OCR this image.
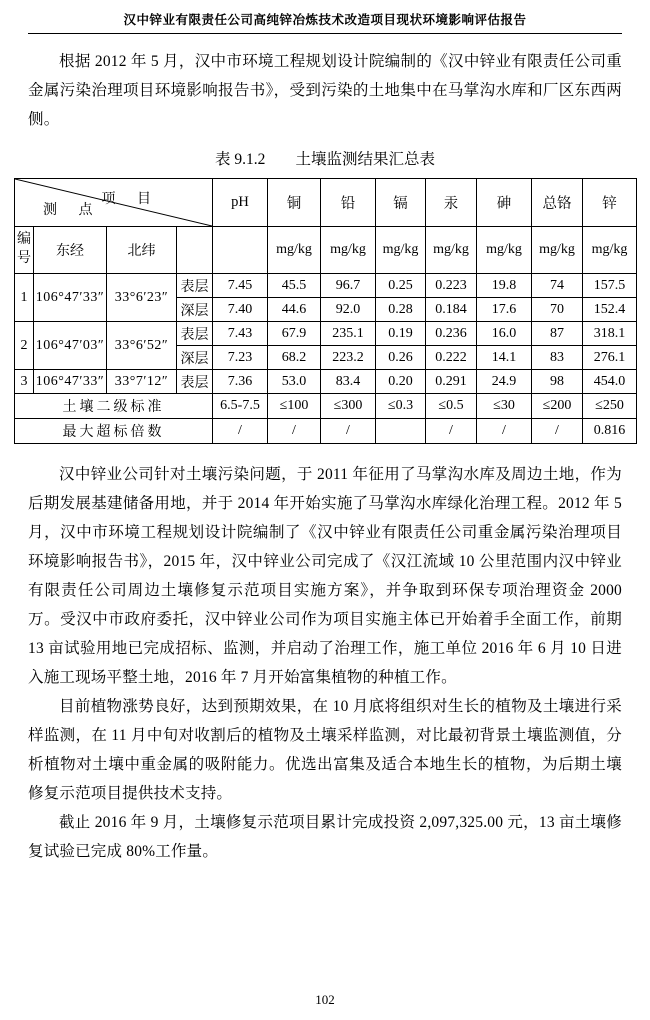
汉中锌业有限责任公司高纯锌冶炼技术改造项目现状环境影响评估报告

根据 2012 年 5 月，汉中市环境工程规划设计院编制的《汉中锌业有限责任公司重金属污染治理项目环境影响报告书》，受到污染的土地集中在马掌沟水库和厂区东西两侧。

表 9.1.2 土壤监测结果汇总表
项 目
测 点				pH	铜	铅	镉	汞	砷	总铬	锌
编号	东经	北纬			mg/kg	mg/kg	mg/kg	mg/kg	mg/kg	mg/kg	mg/kg
1	106°47′33″	33°6′23″	表层	7.45	45.5	96.7	0.25	0.223	19.8	74	157.5
			深层	7.40	44.6	92.0	0.28	0.184	17.6	70	152.4
2	106°47′03″	33°6′52″	表层	7.43	67.9	235.1	0.19	0.236	16.0	87	318.1
			深层	7.23	68.2	223.2	0.26	0.222	14.1	83	276.1
3	106°47′33″	33°7′12″	表层	7.36	53.0	83.4	0.20	0.291	24.9	98	454.0
土壤二级标准				6.5-7.5	≤100	≤300	≤0.3	≤0.5	≤30	≤200	≤250
最大超标倍数				/	/	/		/	/	/	0.816

汉中锌业公司针对土壤污染问题，于 2011 年征用了马掌沟水库及周边土地，作为后期发展基建储备用地，并于 2014 年开始实施了马掌沟水库绿化治理工程。2012 年 5 月，汉中市环境工程规划设计院编制了《汉中锌业有限责任公司重金属污染治理项目环境影响报告书》，2015 年，汉中锌业公司完成了《汉江流域 10 公里范围内汉中锌业有限责任公司周边土壤修复示范项目实施方案》，并争取到环保专项治理资金 2000 万。受汉中市政府委托，汉中锌业公司作为项目实施主体已开始着手全面工作，前期 13 亩试验用地已完成招标、监测，并启动了治理工作，施工单位 2016 年 6 月 10 日进入施工现场平整土地，2016 年 7 月开始富集植物的种植工作。

目前植物涨势良好，达到预期效果，在 10 月底将组织对生长的植物及土壤进行采样监测，在 11 月中旬对收割后的植物及土壤采样监测，对比最初背景土壤监测值，分析植物对土壤中重金属的吸附能力。优选出富集及适合本地生长的植物，为后期土壤修复示范项目提供技术支持。

截止 2016 年 9 月，土壤修复示范项目累计完成投资 2,097,325.00 元，13 亩土壤修复试验已完成 80%工作量。

102
